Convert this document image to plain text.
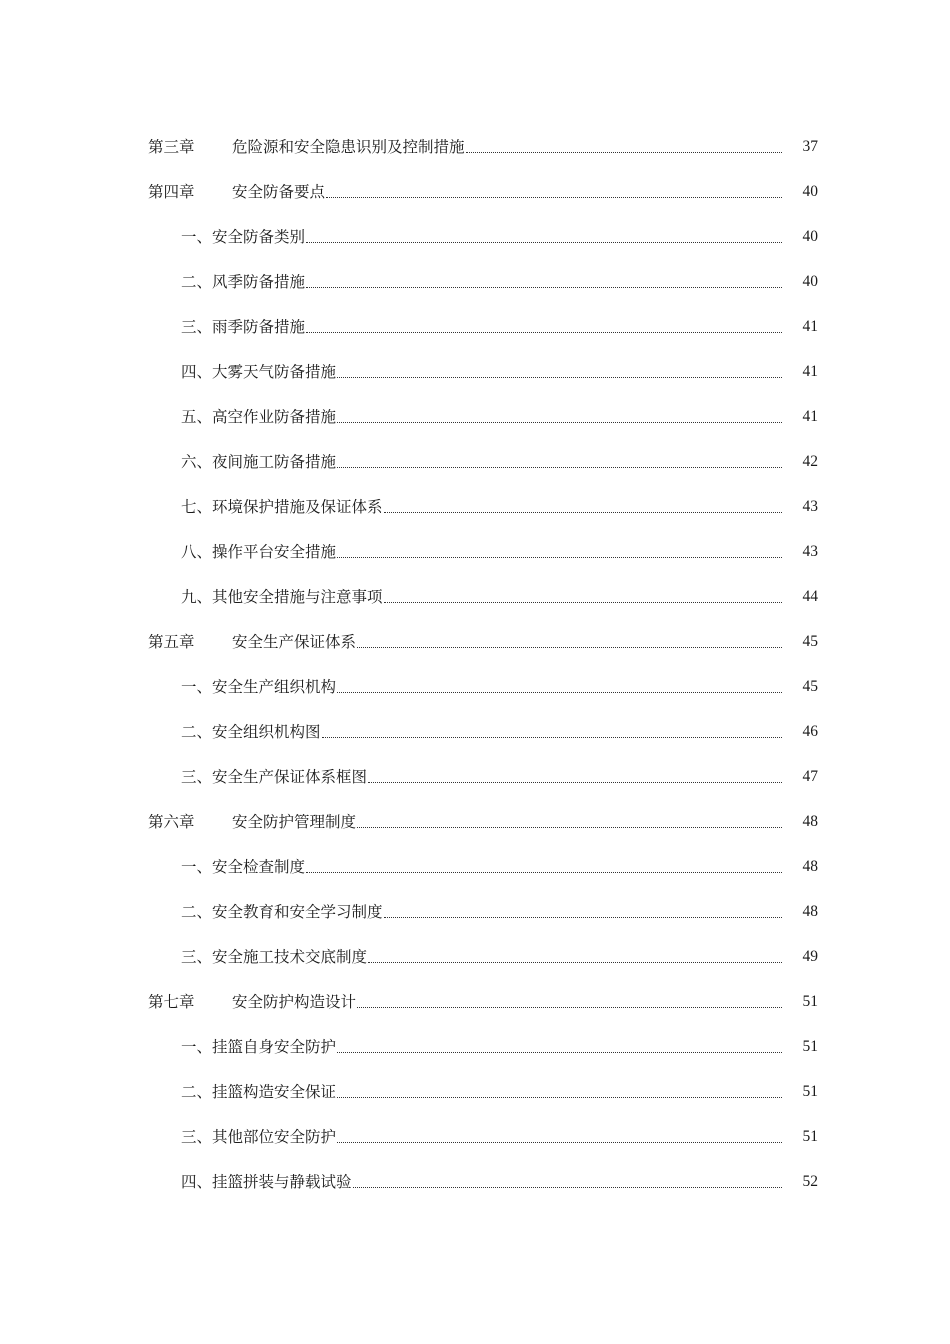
第三章	危险源和安全隐患识别及控制措施	37
第四章	安全防备要点	40
一、安全防备类别	40
二、风季防备措施	40
三、雨季防备措施	41
四、大雾天气防备措施	41
五、高空作业防备措施	41
六、夜间施工防备措施	42
七、环境保护措施及保证体系	43
八、操作平台安全措施	43
九、其他安全措施与注意事项	44
第五章	安全生产保证体系	45
一、安全生产组织机构	45
二、安全组织机构图	46
三、安全生产保证体系框图	47
第六章	安全防护管理制度	48
一、安全检查制度	48
二、安全教育和安全学习制度	48
三、安全施工技术交底制度	49
第七章	安全防护构造设计	51
一、挂篮自身安全防护	51
二、挂篮构造安全保证	51
三、其他部位安全防护	51
四、挂篮拼装与静载试验	52
